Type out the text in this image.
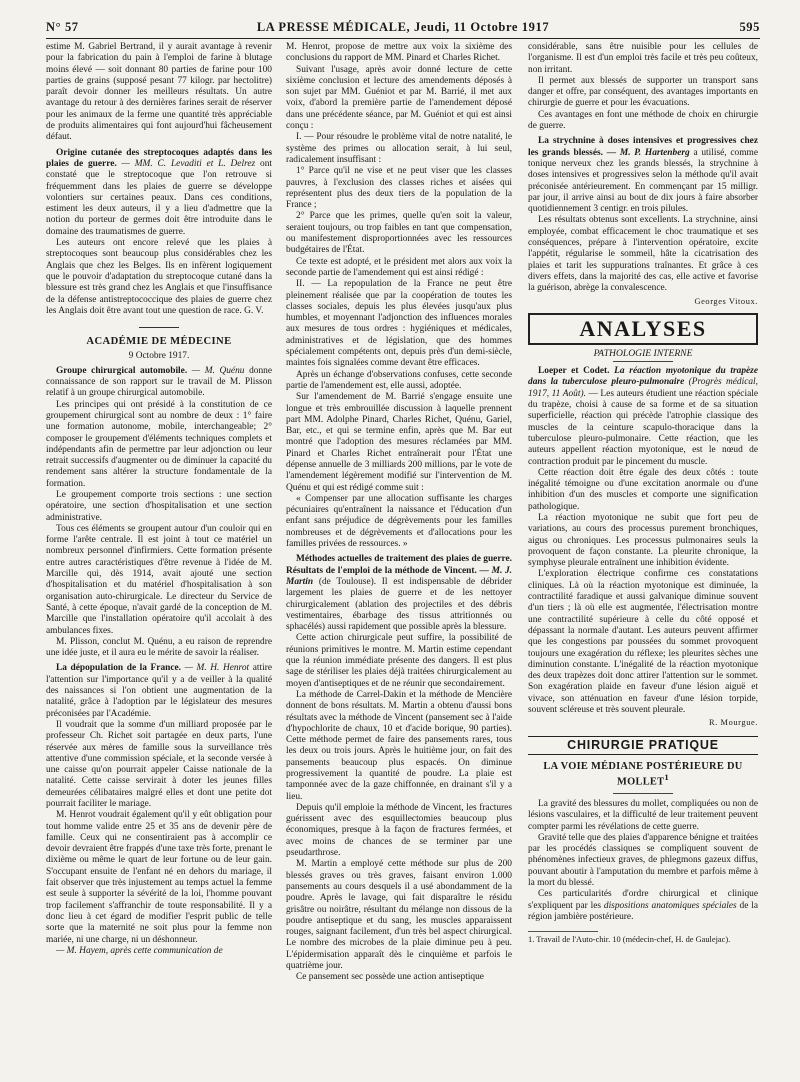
N° 57	LA PRESSE MÉDICALE, Jeudi, 11 Octobre 1917	595

estime M. Gabriel Bertrand, il y aurait avantage à revenir pour la fabrication du pain à l'emploi de farine à blutage moins élevé — soit donnant 80 parties de farine pour 100 parties de grains (supposé pesant 77 kilogr. par hectolitre) paraît devoir donner les meilleurs résultats. Un autre avantage du retour à des dernières farines serait de réserver pour les animaux de la ferme une quantité très appréciable de produits alimentaires qui font aujourd'hui fâcheusement défaut.

Origine cutanée des streptocoques adaptés dans les plaies de guerre. — MM. C. Levaditi et L. Delrez ont constaté que le streptocoque que l'on retrouve si fréquemment dans les plaies de guerre se développe volontiers sur certaines peaux. Dans ces conditions, estiment les deux auteurs, il y a lieu d'admettre que la notion du porteur de germes doit être introduite dans le domaine des traumatismes de guerre.

Les auteurs ont encore relevé que les plaies à streptocoques sont beaucoup plus considérables chez les Anglais que chez les Belges. Ils en infèrent logiquement que le pouvoir d'adaptation du streptocoque cutané dans la blessure est très grand chez les Anglais et que l'insuffisance de la défense antistreptococcique des plaies de guerre chez les Anglais doit être avant tout une question de race. G. V.

ACADÉMIE DE MÉDECINE
9 Octobre 1917.

Groupe chirurgical automobile. — M. Quénu donne connaissance de son rapport sur le travail de M. Plisson relatif à un groupe chirurgical automobile.

Les principes qui ont présidé à la constitution de ce groupement chirurgical sont au nombre de deux : 1° faire une formation autonome, mobile, interchangeable; 2° composer le groupement d'éléments techniques complets et indépendants afin de permettre par leur adjonction ou leur retrait successifs d'augmenter ou de diminuer la capacité du rendement sans altérer la structure fondamentale de la formation.

Le groupement comporte trois sections : une section opératoire, une section d'hospitalisation et une section administrative.

Tous ces éléments se groupent autour d'un couloir qui en forme l'arête centrale. Il est joint à tout ce matériel un nombreux personnel d'infirmiers. Cette formation présente entre autres caractéristiques d'être revenue à l'idée de M. Marcille qui, dès 1914, avait ajouté une section d'hospitalisation et du matériel d'hospitalisation à son organisation auto-chirurgicale. Le directeur du Service de Santé, à cette époque, n'avait gardé de la conception de M. Marcille que l'installation opératoire qu'il accolait à des ambulances fixes.

M. Plisson, conclut M. Quénu, a eu raison de reprendre une idée juste, et il aura eu le mérite de savoir la réaliser.

La dépopulation de la France. — M. H. Henrot attire l'attention sur l'importance qu'il y a de veiller à la qualité des naissances si l'on obtient une augmentation de la natalité, grâce à l'adoption par le législateur des mesures préconisées par l'Académie.

Il voudrait que la somme d'un milliard proposée par le professeur Ch. Richet soit partagée en deux parts, l'une réservée aux mères de famille sous la surveillance très attentive d'une commission spéciale, et la seconde versée à une caisse qu'on pourrait appeler Caisse nationale de la natalité. Cette caisse servirait à doter les jeunes filles demeurées célibataires malgré elles et dont une petite dot pourrait faciliter le mariage.

M. Henrot voudrait également qu'il y eût obligation pour tout homme valide entre 25 et 35 ans de devenir père de famille. Ceux qui ne consentiraient pas à accomplir ce devoir devraient être frappés d'une taxe très forte, prenant le dixième ou même le quart de leur fortune ou de leur gain. S'occupant ensuite de l'enfant né en dehors du mariage, il fait observer que très injustement au temps actuel la femme est seule à supporter la sévérité de la loi, l'homme pouvant trop facilement s'affranchir de toute responsabilité. Il y a donc lieu à cet égard de modifier l'esprit public de telle sorte que la maternité ne soit plus pour la femme non mariée, ni une charge, ni un déshonneur.

— M. Hayem, après cette communication de

M. Henrot, propose de mettre aux voix la sixième des conclusions du rapport de MM. Pinard et Charles Richet.

Suivant l'usage, après avoir donné lecture de cette sixième conclusion et lecture des amendements déposés à son sujet par MM. Guéniot et par M. Barrié, il met aux voix, d'abord la première partie de l'amendement déposé dans une précédente séance, par M. Guéniot et qui est ainsi conçu :

I. — Pour résoudre le problème vital de notre natalité, le système des primes ou allocation serait, à lui seul, radicalement insuffisant :

1° Parce qu'il ne vise et ne peut viser que les classes pauvres, à l'exclusion des classes riches et aisées qui représentent plus des deux tiers de la population de la France ;

2° Parce que les primes, quelle qu'en soit la valeur, seraient toujours, ou trop faibles en tant que compensation, ou manifestement disproportionnées avec les ressources budgétaires de l'État.

Ce texte est adopté, et le président met alors aux voix la seconde partie de l'amendement qui est ainsi rédigé :

II. — La repopulation de la France ne peut être pleinement réalisée que par la coopération de toutes les classes sociales, depuis les plus élevées jusqu'aux plus humbles, et moyennant l'adjonction des influences morales aux mesures de tous ordres : hygiéniques et médicales, administratives et de législation, que des hommes spécialement compétents ont, depuis près d'un demi-siècle, maintes fois signalées comme devant être efficaces.

Après un échange d'observations confuses, cette seconde partie de l'amendement est, elle aussi, adoptée.

Sur l'amendement de M. Barrié s'engage ensuite une longue et très embrouillée discussion à laquelle prennent part MM. Adolphe Pinard, Charles Richet, Quénu, Gariel, Bar, etc., et qui se termine enfin, après que M. Bar eut montré que l'adoption des mesures réclamées par MM. Pinard et Charles Richet entraînerait pour l'État une dépense annuelle de 3 milliards 200 millions, par le vote de l'amendement légèrement modifié sur l'intervention de M. Quénu et qui est rédigé comme suit :

« Compenser par une allocation suffisante les charges pécuniaires qu'entraînent la naissance et l'éducation d'un enfant sans préjudice de dégrèvements pour les familles nombreuses et de dégrèvements et d'allocations pour les familles privées de ressources. »

Méthodes actuelles de traitement des plaies de guerre. Résultats de l'emploi de la méthode de Vincent. — M. J. Martin (de Toulouse). Il est indispensable de débrider largement les plaies de guerre et de les nettoyer chirurgicalement (ablation des projectiles et des débris vestimentaires, ébarbage des tissus attritionnés ou sphacélés) aussi rapidement que possible après la blessure.

Cette action chirurgicale peut suffire, la possibilité de réunions primitives le montre. M. Martin estime cependant que la réunion immédiate présente des dangers. Il est plus sage de stériliser les plaies déjà traitées chirurgicalement au moyen d'antiseptiques et de ne réunir que secondairement.

La méthode de Carrel-Dakin et la méthode de Mencière donnent de bons résultats. M. Martin a obtenu d'aussi bons résultats avec la méthode de Vincent (pansement sec à l'aide d'hypochlorite de chaux, 10 et d'acide borique, 90 parties). Cette méthode permet de faire des pansements rares, tous les deux ou trois jours. Après le huitième jour, on fait des pansements beaucoup plus espacés. On diminue progressivement la quantité de poudre. La plaie est tamponnée avec de la gaze chiffonnée, en drainant s'il y a lieu.

Depuis qu'il emploie la méthode de Vincent, les fractures guérissent avec des esquillectomies beaucoup plus économiques, presque à la façon de fractures fermées, et avec moins de chances de se terminer par une pseudarthrose.

M. Martin a employé cette méthode sur plus de 200 blessés graves ou très graves, faisant environ 1.000 pansements au cours desquels il a usé abondamment de la poudre. Après le lavage, qui fait disparaître le résidu grisâtre ou noirâtre, résultant du mélange non dissous de la poudre antiseptique et du sang, les muscles apparaissent rouges, saignant facilement, d'un très bel aspect chirurgical. Le nombre des microbes de la plaie diminue peu à peu. L'épidermisation apparaît dès le cinquième et parfois le quatrième jour.

Ce pansement sec possède une action antiseptique

considérable, sans être nuisible pour les cellules de l'organisme. Il est d'un emploi très facile et très peu coûteux, non irritant.

Il permet aux blessés de supporter un transport sans danger et offre, par conséquent, des avantages importants en chirurgie de guerre et pour les évacuations.

Ces avantages en font une méthode de choix en chirurgie de guerre.

La strychnine à doses intensives et progressives chez les grands blessés. — M. P. Hartenberg a utilisé, comme tonique nerveux chez les grands blessés, la strychnine à doses intensives et progressives selon la méthode qu'il avait préconisée antérieurement. En commençant par 15 milligr. par jour, il arrive ainsi au bout de dix jours à faire absorber quotidiennement 3 centigr. en trois pilules.

Les résultats obtenus sont excellents. La strychnine, ainsi employée, combat efficacement le choc traumatique et ses conséquences, prépare à l'intervention opératoire, excite l'appétit, régularise le sommeil, hâte la cicatrisation des plaies et tarit les suppurations traînantes. Et grâce à ces divers effets, dans la majorité des cas, elle active et favorise la guérison, abrège la convalescence.

Georges Vitoux.
ANALYSES
PATHOLOGIE INTERNE

Loeper et Codet. La réaction myotonique du trapèze dans la tuberculose pleuro-pulmonaire (Progrès médical, 1917, 11 Août). — Les auteurs étudient une réaction spéciale du trapèze, choisi à cause de sa forme et de sa situation superficielle, réaction qui précède l'atrophie classique des muscles de la ceinture scapulo-thoracique dans la tuberculose pleuro-pulmonaire. Cette réaction, que les auteurs appellent réaction myotonique, est le nœud de contraction produit par le pincement du muscle.

Cette réaction doit être égale des deux côtés : toute inégalité témoigne ou d'une excitation anormale ou d'une inhibition d'un des muscles et comporte une signification pathologique.

La réaction myotonique ne subit que fort peu de variations, au cours des processus purement bronchiques, aigus ou chroniques. Les processus pulmonaires seuls la provoquent de façon constante. La pleurite chronique, la symphyse pleurale entraînent une inhibition évidente.

L'exploration électrique confirme ces constatations cliniques. Là où la réaction myotonique est diminuée, la contractilité faradique et aussi galvanique diminue souvent d'un tiers ; là où elle est augmentée, l'électrisation montre une contractilité supérieure à celle du côté opposé et dépassant la normale d'autant. Les auteurs peuvent affirmer que les congestions par poussées du sommet provoquent toujours une exagération du réflexe; les pleurites sèches une diminution constante. L'inégalité de la réaction myotonique des deux trapèzes doit donc attirer l'attention sur le sommet. Son exagération plaide en faveur d'une lésion aiguë et vivace, son atténuation en faveur d'une lésion torpide, souvent scléreuse et très souvent pleurale.

R. Mourgue.
CHIRURGIE PRATIQUE
LA VOIE MÉDIANE POSTÉRIEURE DU MOLLET$^1$

La gravité des blessures du mollet, compliquées ou non de lésions vasculaires, et la difficulté de leur traitement peuvent compter parmi les révélations de cette guerre.

Gravité telle que des plaies d'apparence bénigne et traitées par les procédés classiques se compliquent souvent de phénomènes infectieux graves, de phlegmons gazeux diffus, pouvant aboutir à l'amputation du membre et parfois même à la mort du blessé.

Ces particularités d'ordre chirurgical et clinique s'expliquent par les dispositions anatomiques spéciales de la région jambière postérieure.

1. Travail de l'Auto-chir. 10 (médecin-chef, H. de Gaulejac).
